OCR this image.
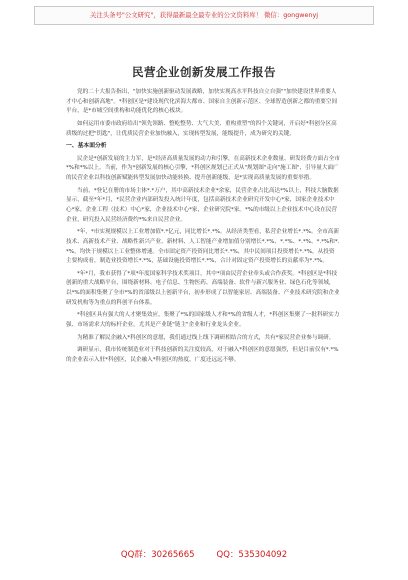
关注头条号"公文研究"，获得最新最全最专业的公文资料库！ 微信：gongwenyj
民营企业创新发展工作报告

党的二十大报告指出，"加快实施创新驱动发展战略，加快实现高水平科技自立自强""加快建设世界重要人才中心和创新高地"。*科创区是*建设现代化滨海大都市、国家自主创新示范区、全球智造创新之都的重要空间平台，是*市城空间重构和功能优化的核心板块。

如何运用市委市政府给出"领先领路、整屹整势、大气大美、重构重塑"的四个关键词，开启好*科创分区高质级的过把"钥匙"，让优质民营企业加快融入，实现转型发展，能级提升，成为研究的关键。

一、基本面分析

民企是*创新发展的主力军，是*经济高质量发展的动力和引擎，在高新技术企业数量、研发经费方面占全市*%和*%以上。当前，作为*创新发展的核心引擎，*科创区规划已正式从"规划图"走向"施工图"，引导量大面广的民营企业以科技创新赋能转型发展加快动能转换、提升创新能级，是*实现高质量发展的重要举措。

当前，*登记在册的市场主体*.*万户，其中高新技术企业*余家，民营企业占比高达*%以上，科技大脑数据显示，截至*年*月，*民营企业内部研发投入统计年度，包括高新技术企业研究开发中心*家，国家企业技术中心*家，企业工程（技术）中心*家，企业技术中心*家，企业研究院*家。*%的市级以上企业技术中心设在民营企业，研究投入民营经济费约*%来自民营企业。

*年，*市实现规模以上工业增加值*.*亿元，同比增长*.*%。从经济类型看，私营企业增长*.*%。全市高新技术、高新技术产业、战略性新兴产业、新材料、人工智能产业增加值分别增长*.*%、*.*%、*.*%、*.*%和*.*%，均快于规模以上工业整体增速。全市固定资产投资同比增长*.*%，其中民间项目投资增长*.*%，从投资主要构成看，制造业投资增长*.*%，基础设施投资增长*.*%，合计对固定资产投资增长的贡献率为*.*%。

*年*月，我市获得了*项*年度国家科学技术奖项目，其中*项由民营企业牵头或合作获奖。*科创区是*科技创新的重大战略平台，围绕新材料、电子信息、生物医药、高端装备、软件与新兴服务业、绿色石化等领域，以*%的面积集聚了全市*%的省部级以上创新平台，初步形成了以智能家居、高端装备、产业技术研究院和企业研发机构等为重点的科创平台体系。

*科创区具有强大的人才聚集效应，集聚了*%的国家级人才和*%的省级人才，*科创区集聚了一批科研实力强、市场需求大的标杆企业，尤其是产业链"链主"企业和行业龙头企业。

为精准了解民企融入*科创区的意愿，我们通过线上线下调研相结合的方式，共有*家民营企业参与调研。

调研显示，我市传统制造业对于科技创新的关注度较高，对于融入*科创区的意愿强烈，但是目前仅有*.*%的企业表示入驻*科创区，民企融入*科创区的热度，广度还远远不够。

QQ群：30265665	QQ：535304092
